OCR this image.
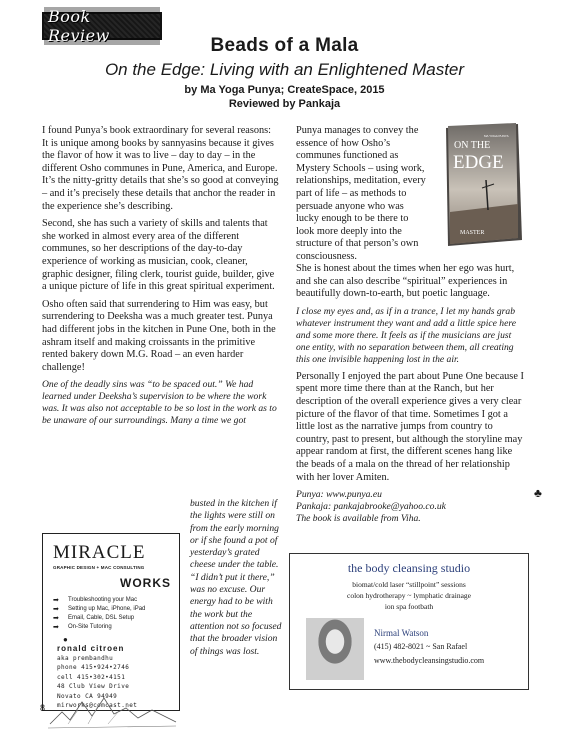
Book Review	Beads of a Mala
On the Edge: Living with an Enlightened Master
by Ma Yoga Punya; CreateSpace, 2015
Reviewed by Pankaja

I found Punya’s book extraordinary for several reasons: It is unique among books by sannyasins because it gives the flavor of how it was to live – day to day – in the different Osho communes in Pune, America, and Europe. It’s the nitty-gritty details that she’s so good at conveying – and it’s precisely these details that anchor the reader in the experience she’s describing.

Second, she has such a variety of skills and talents that she worked in almost every area of the different communes, so her descriptions of the day-to-day experience of working as musician, cook, cleaner, graphic designer, filing clerk, tourist guide, builder, give a unique picture of life in this great spiritual experiment.

Osho often said that surrendering to Him was easy, but surrendering to Deeksha was a much greater test. Punya had different jobs in the kitchen in Pune One, both in the ashram itself and making croissants in the primitive rented bakery down M.G. Road – an even harder challenge!

One of the deadly sins was “to be spaced out.” We had learned under Deeksha’s supervision to be where the work was. It was also not acceptable to be so lost in the work as to be unaware of our surroundings. Many a time we got

busted in the kitchen if the lights were still on from the early morning or if she found a pot of yesterday’s grated cheese under the table. “I didn’t put it there,” was no excuse. Our energy had to be with the work but the attention not so focused that the broader vision of things was lost.

Punya manages to convey the essence of how Osho’s communes functioned as Mystery Schools – using work, relationships, meditation, every part of life – as methods to persuade anyone who was lucky enough to be there to look more deeply into the structure of that person’s own consciousness.

She is honest about the times when her ego was hurt, and she can also describe “spiritual” experiences in beautifully down-to-earth, but poetic language.

I close my eyes and, as if in a trance, I let my hands grab whatever instrument they want and add a little spice here and some more there. It feels as if the musicians are just one entity, with no separation between them, all creating this one invisible happening lost in the air.

Personally I enjoyed the part about Pune One because I spent more time there than at the Ranch, but her description of the overall experience gives a very clear picture of the flavor of that time. Sometimes I got a little lost as the narrative jumps from country to country, past to present, but although the storyline may appear random at first, the different scenes hang like the beads of a mala on the thread of her relationship with her lover Amiten.

Punya: www.punya.eu

Pankaja: pankajabrooke@yahoo.co.uk

The book is available from Viha.

♣
ON THE
EDGE
MA YOGA PUNYA
MASTER
MIRACLE
GRAPHIC DESIGN + MAC CONSULTING
WORKS
➡	Troubleshooting your Mac
➡	Setting up Mac, iPhone, iPad
➡	Email, Cable, DSL Setup
➡	On-Site Tutoring
●
ronald citroen
aka prembandhu
phone 415•924•2746
cell 415•302•4151
48 Club View Drive
Novato CA 94949
mirworks@comcast.net
the body cleansing studio
biomat/cold laser “stillpoint” sessions
colon hydrotherapy ~ lymphatic drainage
ion spa footbath
Nirmal Watson
(415) 482-8021 ~ San Rafael
www.thebodycleansingstudio.com
8
